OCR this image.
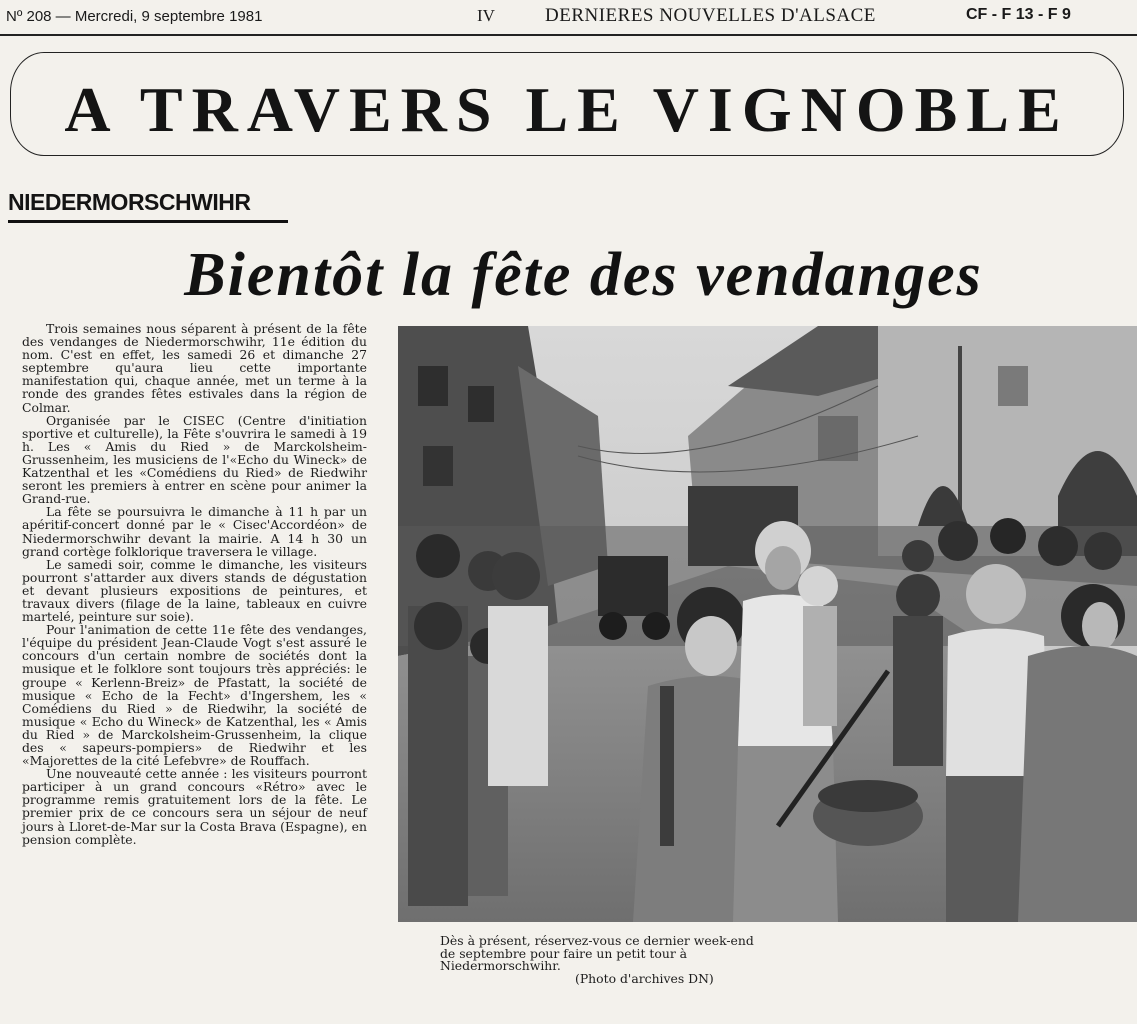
Nº 208 — Mercredi, 9 septembre 1981	IV	DERNIERES NOUVELLES D'ALSACE	CF - F 13 - F 9
A TRAVERS LE VIGNOBLE
NIEDERMORSCHWIHR
Bientôt la fête des vendanges

Trois semaines nous séparent à présent de la fête des vendanges de Niedermorschwihr, 11e édition du nom. C'est en effet, les samedi 26 et dimanche 27 septembre qu'aura lieu cette importante manifestation qui, chaque année, met un terme à la ronde des grandes fêtes estivales dans la région de Colmar.

Organisée par le CISEC (Centre d'initiation sportive et culturelle), la Fête s'ouvrira le samedi à 19 h. Les « Amis du Ried » de Marckolsheim-Grussenheim, les musiciens de l'«Echo du Wineck» de Katzenthal et les «Comédiens du Ried» de Riedwihr seront les premiers à entrer en scène pour animer la Grand-rue.

La fête se poursuivra le dimanche à 11 h par un apéritif-concert donné par le « Cisec'Accordéon» de Niedermorschwihr devant la mairie. A 14 h 30 un grand cortège folklorique traversera le village.

Le samedi soir, comme le dimanche, les visiteurs pourront s'attarder aux divers stands de dégustation et devant plusieurs expositions de peintures, et travaux divers (filage de la laine, tableaux en cuivre martelé, peinture sur soie).

Pour l'animation de cette 11e fête des vendanges, l'équipe du président Jean-Claude Vogt s'est assuré le concours d'un certain nombre de sociétés dont la musique et le folklore sont toujours très appréciés: le groupe « Kerlenn-Breiz» de Pfastatt, la société de musique « Echo de la Fecht» d'Ingershem, les « Comédiens du Ried » de Riedwihr, la société de musique « Echo du Wineck» de Katzenthal, les « Amis du Ried » de Marckolsheim-Grussenheim, la clique des « sapeurs-pompiers» de Riedwihr et les «Majorettes de la cité Lefebvre» de Rouffach.

Une nouveauté cette année : les visiteurs pourront participer à un grand concours «Rétro» avec le programme remis gratuitement lors de la fête. Le premier prix de ce concours sera un séjour de neuf jours à Lloret-de-Mar sur la Costa Brava (Espagne), en pension complète.

Dès à présent, réservez-vous ce dernier week-end de septembre pour faire un petit tour à Niedermorschwihr.
(Photo d'archives DN)
